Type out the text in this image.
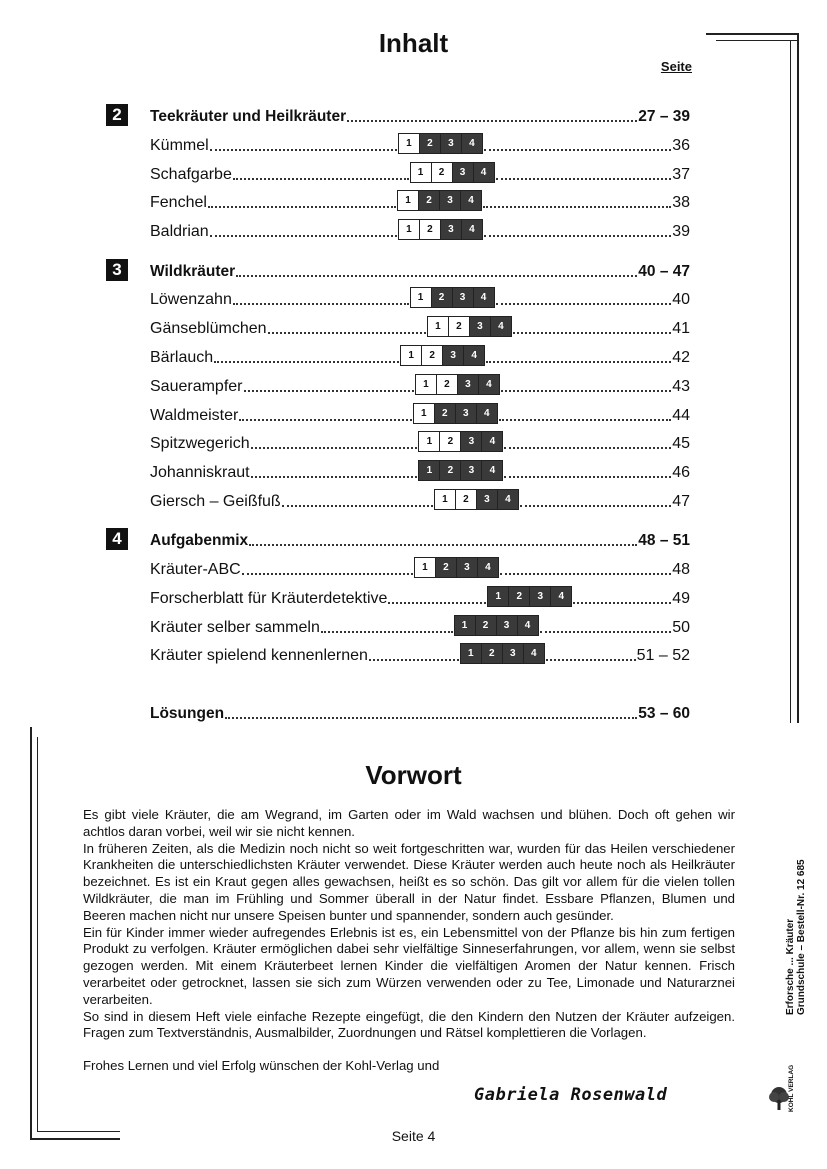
Inhalt
Seite
2	Teekräuter und Heilkräuter	27 – 39
Kümmel	1	2	3	4	36
Schafgarbe	1	2	3	4	37
Fenchel	1	2	3	4	38
Baldrian	1	2	3	4	39
3	Wildkräuter	40 – 47
Löwenzahn	1	2	3	4	40
Gänseblümchen	1	2	3	4	41
Bärlauch	1	2	3	4	42
Sauerampfer	1	2	3	4	43
Waldmeister	1	2	3	4	44
Spitzwegerich	1	2	3	4	45
Johanniskraut	1	2	3	4	46
Giersch – Geißfuß	1	2	3	4	47
4	Aufgabenmix	48 – 51
Kräuter-ABC	1	2	3	4	48
Forscherblatt für Kräuterdetektive	1	2	3	4	49
Kräuter selber sammeln	1	2	3	4	50
Kräuter spielend kennenlernen	1	2	3	4	51 – 52
Lösungen	53 – 60
Vorwort

Es gibt viele Kräuter, die am Wegrand, im Garten oder im Wald wachsen und blühen. Doch oft gehen wir achtlos daran vorbei, weil wir sie nicht kennen.

In früheren Zeiten, als die Medizin noch nicht so weit fortgeschritten war, wurden für das Heilen verschiedener Krankheiten die unterschiedlichsten Kräuter verwendet. Diese Kräuter werden auch heute noch als Heilkräuter bezeichnet. Es ist ein Kraut gegen alles gewachsen, heißt es so schön. Das gilt vor allem für die vielen tollen Wildkräuter, die man im Frühling und Sommer überall in der Natur findet. Essbare Pflanzen, Blumen und Beeren machen nicht nur unsere Speisen bunter und spannender, sondern auch gesünder.

Ein für Kinder immer wieder aufregendes Erlebnis ist es, ein Lebensmittel von der Pflanze bis hin zum fertigen Produkt zu verfolgen. Kräuter ermöglichen dabei sehr vielfältige Sinneserfahrungen, vor allem, wenn sie selbst gezogen werden. Mit einem Kräuterbeet lernen Kinder die vielfältigen Aromen der Natur kennen. Frisch verarbeitet oder getrocknet, lassen sie sich zum Würzen verwenden oder zu Tee, Limonade und Naturarznei verarbeiten.

So sind in diesem Heft viele einfache Rezepte eingefügt, die den Kindern den Nutzen der Kräuter aufzeigen. Fragen zum Textverständnis, Ausmalbilder, Zuordnungen und Rätsel komplettieren die Vorlagen.

Frohes Lernen und viel Erfolg wünschen der Kohl-Verlag und
Gabriela Rosenwald
Seite 4
Erforsche ... Kräuter Grundschule – Bestell-Nr. 12 685
KOHL VERLAG
